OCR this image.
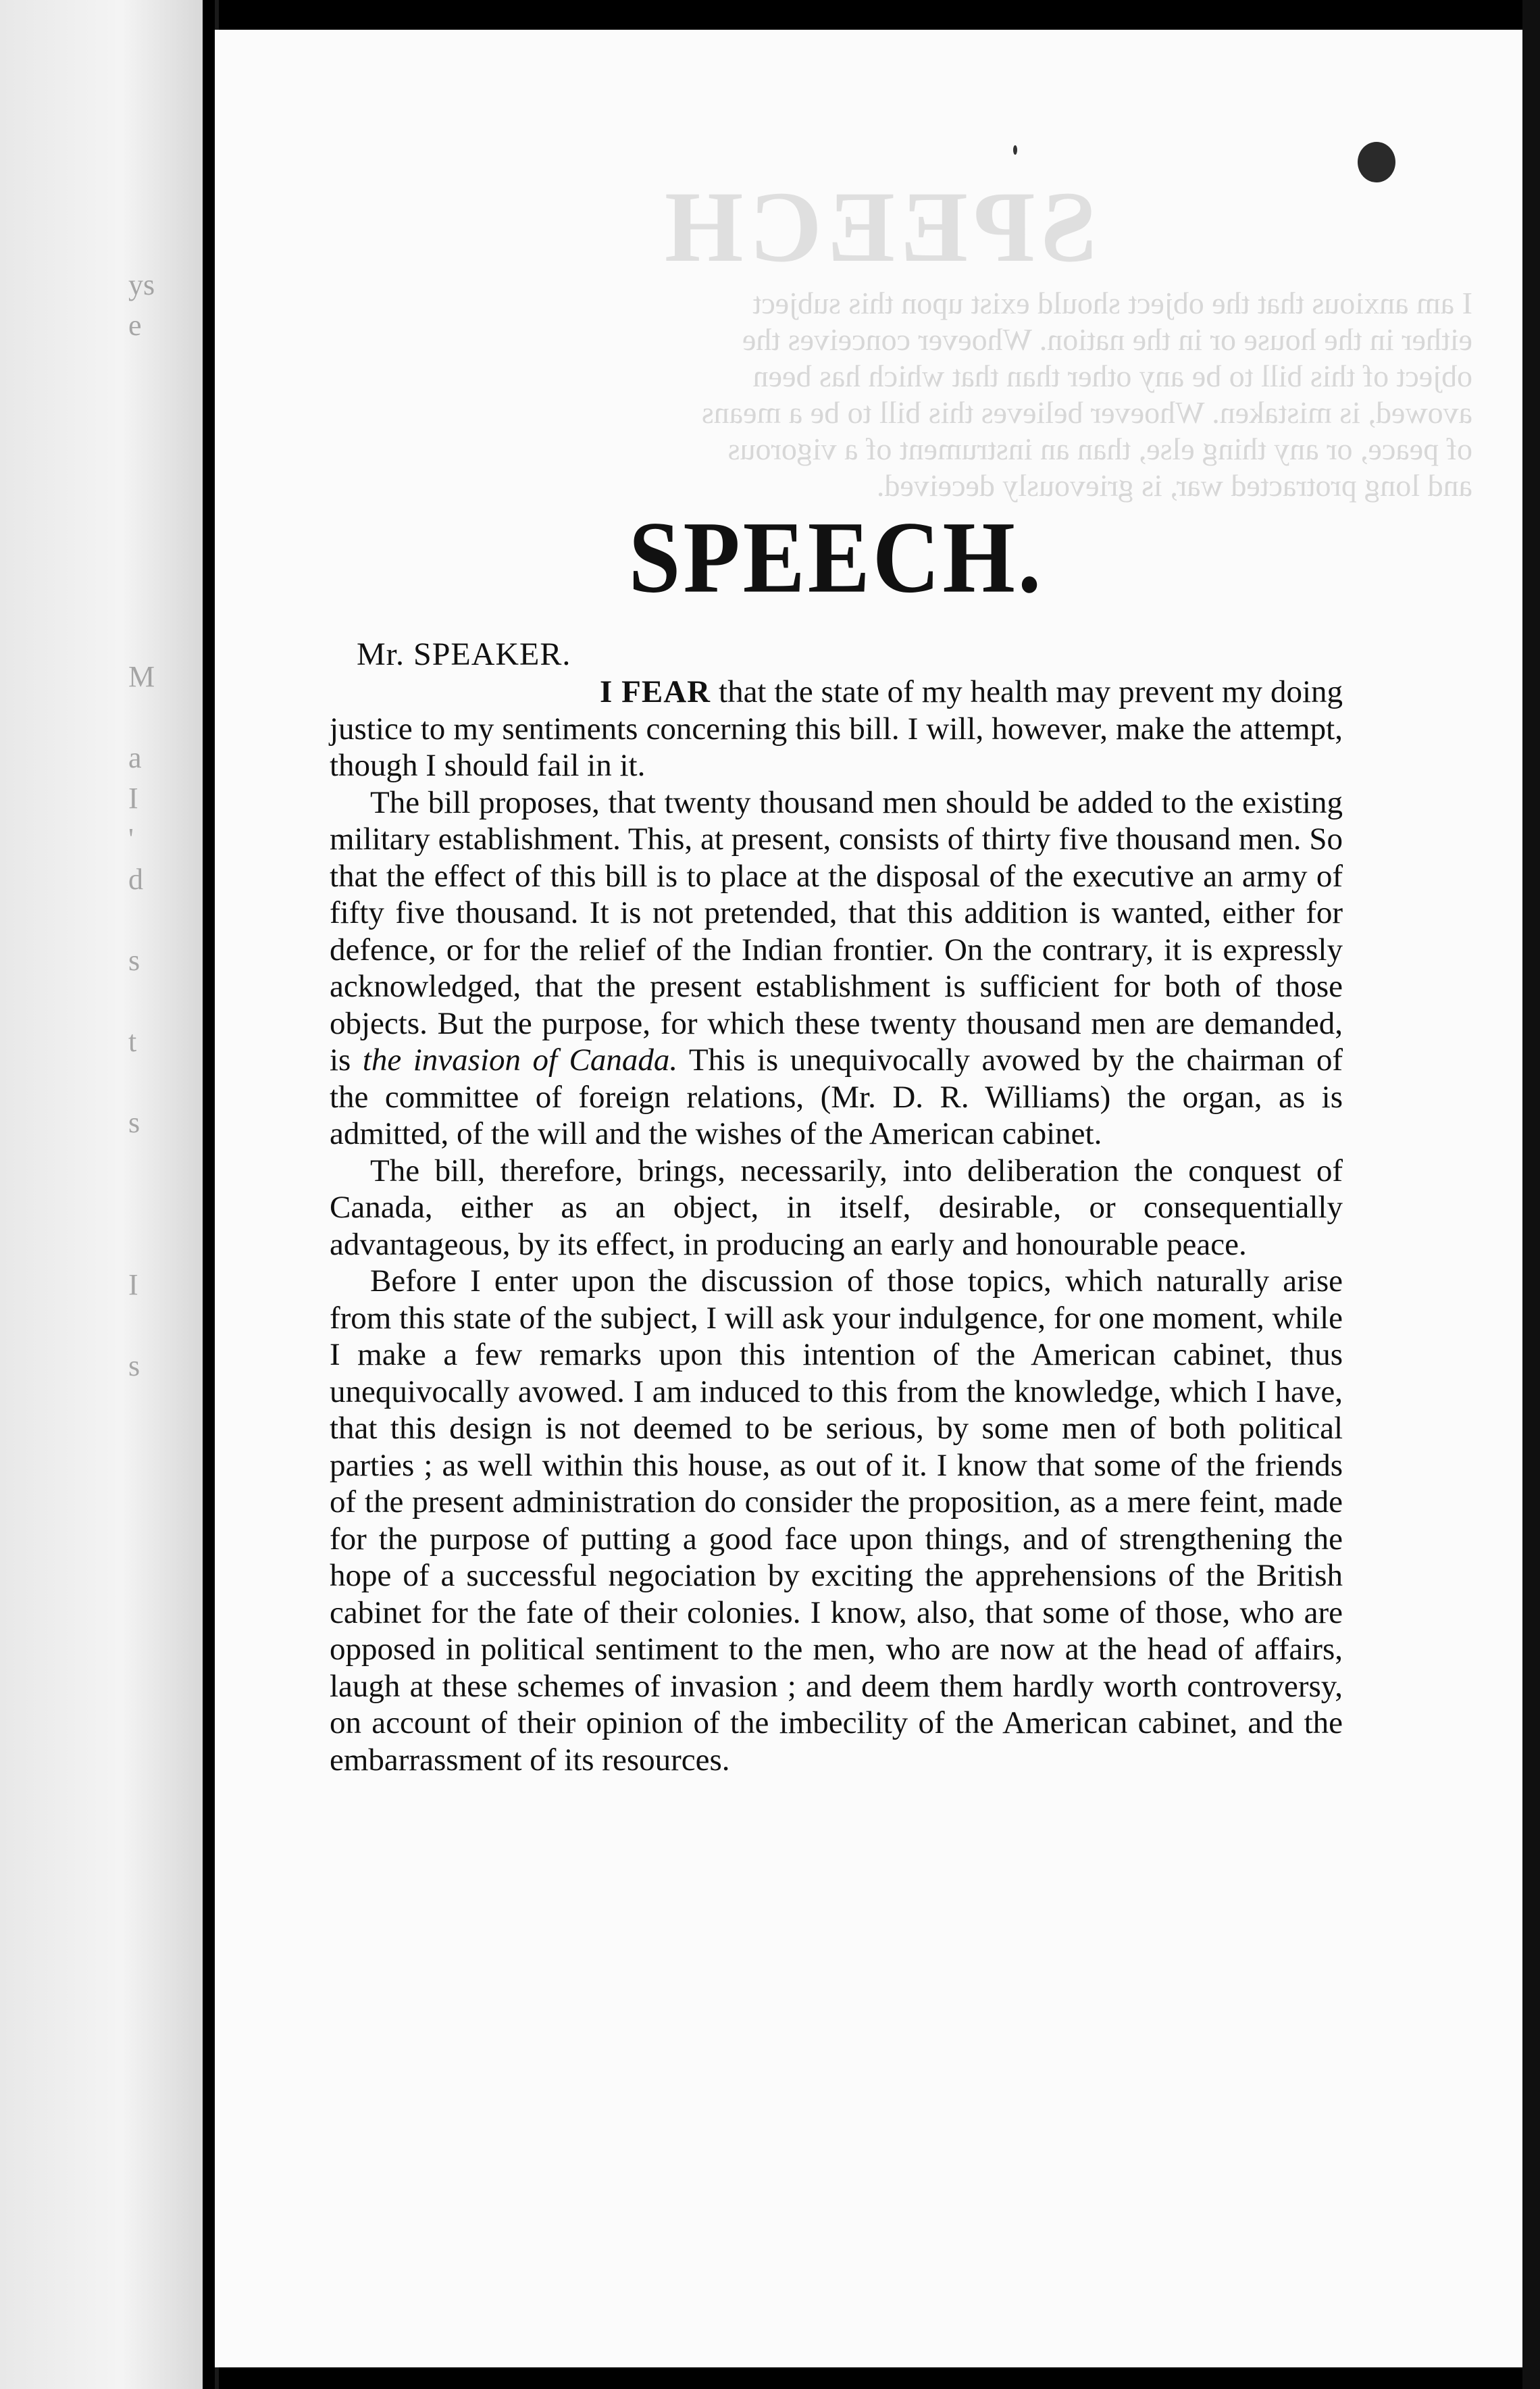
ys
e
M
a
I
'
d
s
t
s
I
s
SPEECH
I am anxious that the object should exist upon this subject
either in the house or in the nation. Whoever conceives the
object of this bill to be any other than that which has been
avowed, is mistaken. Whoever believes this bill to be a means
of peace, or any thing else, than an instrument of a vigorous
and long protracted war, is grievously deceived.
SPEECH.

Mr. SPEAKER.

I FEAR that the state of my health may prevent my doing justice to my sentiments concerning this bill. I will, however, make the attempt, though I should fail in it.

The bill proposes, that twenty thousand men should be added to the existing military establishment. This, at present, consists of thirty five thousand men. So that the effect of this bill is to place at the disposal of the executive an army of fifty five thousand. It is not pretended, that this addition is wanted, either for defence, or for the relief of the Indian frontier. On the contrary, it is expressly acknowledged, that the present establishment is sufficient for both of those objects. But the purpose, for which these twenty thousand men are demanded, is the invasion of Canada. This is unequivocally avowed by the chairman of the committee of foreign relations, (Mr. D. R. Williams) the organ, as is admitted, of the will and the wishes of the American cabinet.

The bill, therefore, brings, necessarily, into deliberation the conquest of Canada, either as an object, in itself, desirable, or consequentially advantageous, by its effect, in producing an early and honourable peace.

Before I enter upon the discussion of those topics, which naturally arise from this state of the subject, I will ask your indulgence, for one moment, while I make a few remarks upon this intention of the American cabinet, thus unequivocally avowed. I am induced to this from the knowledge, which I have, that this design is not deemed to be serious, by some men of both political parties ; as well within this house, as out of it. I know that some of the friends of the present administration do consider the proposition, as a mere feint, made for the purpose of putting a good face upon things, and of strengthening the hope of a successful negociation by exciting the apprehensions of the British cabinet for the fate of their colonies. I know, also, that some of those, who are opposed in political sentiment to the men, who are now at the head of affairs, laugh at these schemes of invasion ; and deem them hardly worth controversy, on account of their opinion of the imbecility of the American cabinet, and the embarrassment of its resources.
